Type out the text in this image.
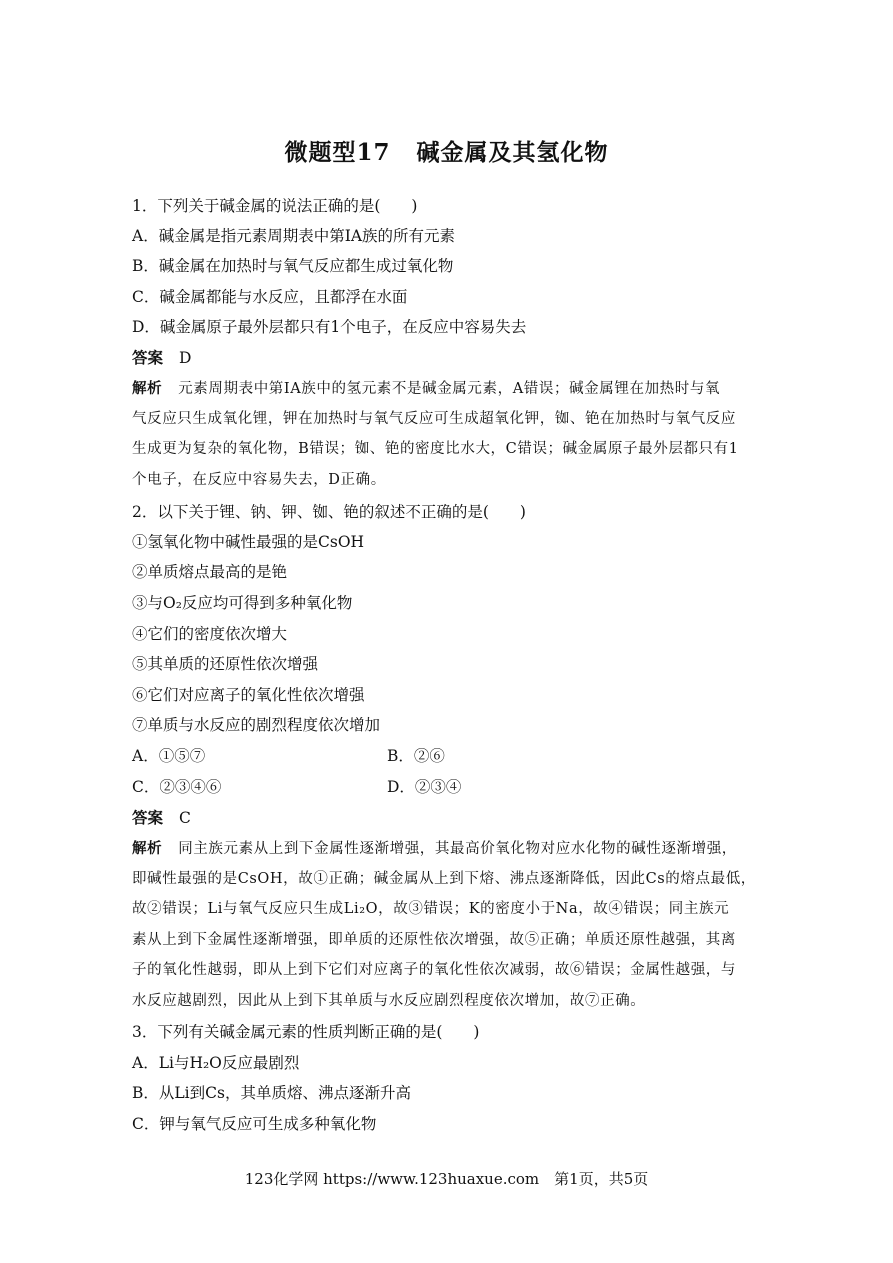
微题型17 碱金属及其氢化物
1．下列关于碱金属的说法正确的是(　　)
A．碱金属是指元素周期表中第ⅠA族的所有元素
B．碱金属在加热时与氧气反应都生成过氧化物
C．碱金属都能与水反应，且都浮在水面
D．碱金属原子最外层都只有1个电子，在反应中容易失去
答案 D
解析 元素周期表中第ⅠA族中的氢元素不是碱金属元素，A错误；碱金属锂在加热时与氧
气反应只生成氧化锂，钾在加热时与氧气反应可生成超氧化钾，铷、铯在加热时与氧气反应
生成更为复杂的氧化物，B错误；铷、铯的密度比水大，C错误；碱金属原子最外层都只有1
个电子，在反应中容易失去，D正确。
2．以下关于锂、钠、钾、铷、铯的叙述不正确的是(　　)
①氢氧化物中碱性最强的是CsOH
②单质熔点最高的是铯
③与O₂反应均可得到多种氧化物
④它们的密度依次增大
⑤其单质的还原性依次增强
⑥它们对应离子的氧化性依次增强
⑦单质与水反应的剧烈程度依次增加
A．①⑤⑦	B．②⑥
C．②③④⑥	D．②③④
答案 C
解析 同主族元素从上到下金属性逐渐增强，其最高价氧化物对应水化物的碱性逐渐增强，
即碱性最强的是CsOH，故①正确；碱金属从上到下熔、沸点逐渐降低，因此Cs的熔点最低，
故②错误；Li与氧气反应只生成Li₂O，故③错误；K的密度小于Na，故④错误；同主族元
素从上到下金属性逐渐增强，即单质的还原性依次增强，故⑤正确；单质还原性越强，其离
子的氧化性越弱，即从上到下它们对应离子的氧化性依次减弱，故⑥错误；金属性越强，与
水反应越剧烈，因此从上到下其单质与水反应剧烈程度依次增加，故⑦正确。
3．下列有关碱金属元素的性质判断正确的是(　　)
A．Li与H₂O反应最剧烈
B．从Li到Cs，其单质熔、沸点逐渐升高
C．钾与氧气反应可生成多种氧化物
123化学网 https://www.123huaxue.com　第1页，共5页
